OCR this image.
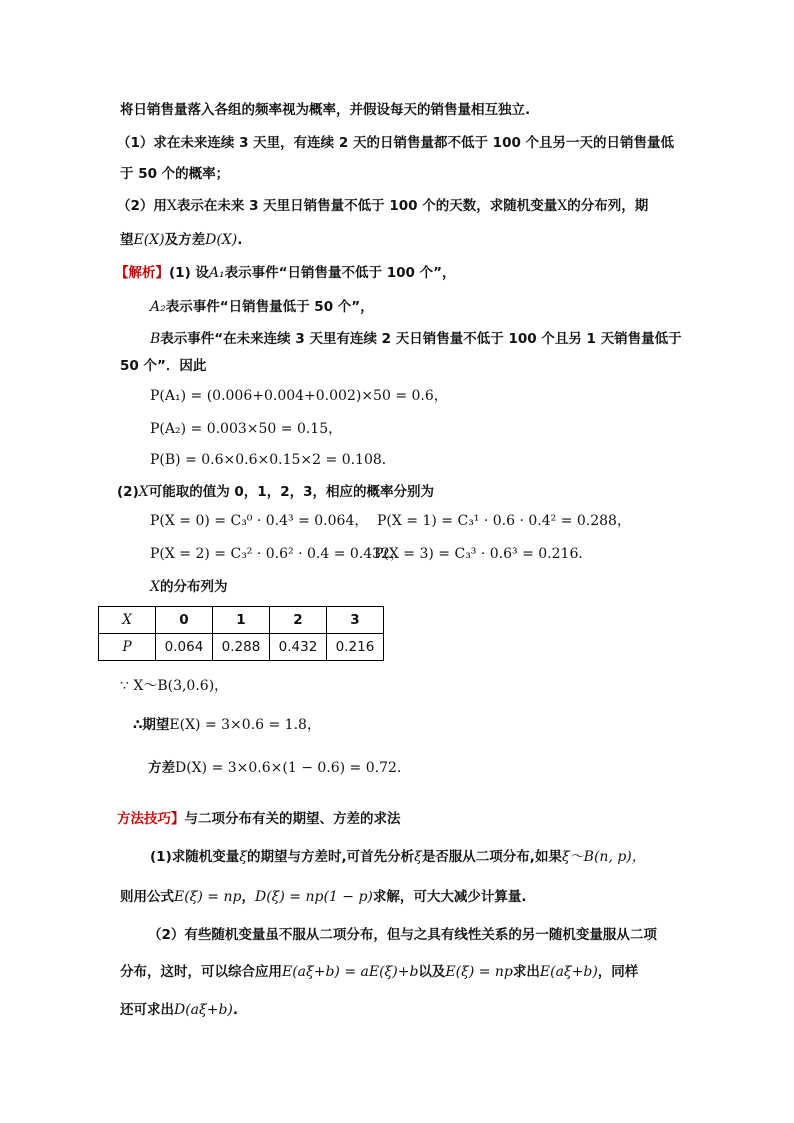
将日销售量落入各组的频率视为概率，并假设每天的销售量相互独立.
（1）求在未来连续 3 天里，有连续 2 天的日销售量都不低于 100 个且另一天的日销售量低
于 50 个的概率；
（2）用X表示在未来 3 天里日销售量不低于 100 个的天数，求随机变量X的分布列，期
望E(X)及方差D(X).
【解析】(1) 设A₁表示事件“日销售量不低于 100 个”，
A₂表示事件“日销售量低于 50 个”，
B表示事件“在未来连续 3 天里有连续 2 天日销售量不低于 100 个且另 1 天销售量低于
50 个”．因此
P(A₁) = (0.006+0.004+0.002)×50 = 0.6，
P(A₂) = 0.003×50 = 0.15，
P(B) = 0.6×0.6×0.15×2 = 0.108．
(2)X可能取的值为 0，1，2，3，相应的概率分别为
P(X = 0) = C₃⁰ · 0.4³ = 0.064， P(X = 1) = C₃¹ · 0.6 · 0.4² = 0.288，
P(X = 2) = C₃² · 0.6² · 0.4 = 0.432，
P(X = 3) = C₃³ · 0.6³ = 0.216．
X的分布列为
X	0	1	2	3
P	0.064	0.288	0.432	0.216
∵ X～B(3,0.6)，
∴期望E(X) = 3×0.6 = 1.8，
方差D(X) = 3×0.6×(1 − 0.6) = 0.72．
方法技巧】与二项分布有关的期望、方差的求法
(1)求随机变量ξ的期望与方差时,可首先分析ξ是否服从二项分布,如果ξ～B(n, p)，
则用公式E(ξ) = np，D(ξ) = np(1 − p)求解，可大大减少计算量.
（2）有些随机变量虽不服从二项分布，但与之具有线性关系的另一随机变量服从二项
分布，这时，可以综合应用E(aξ+b) = aE(ξ)+b以及E(ξ) = np求出E(aξ+b)，同样
还可求出D(aξ+b).
